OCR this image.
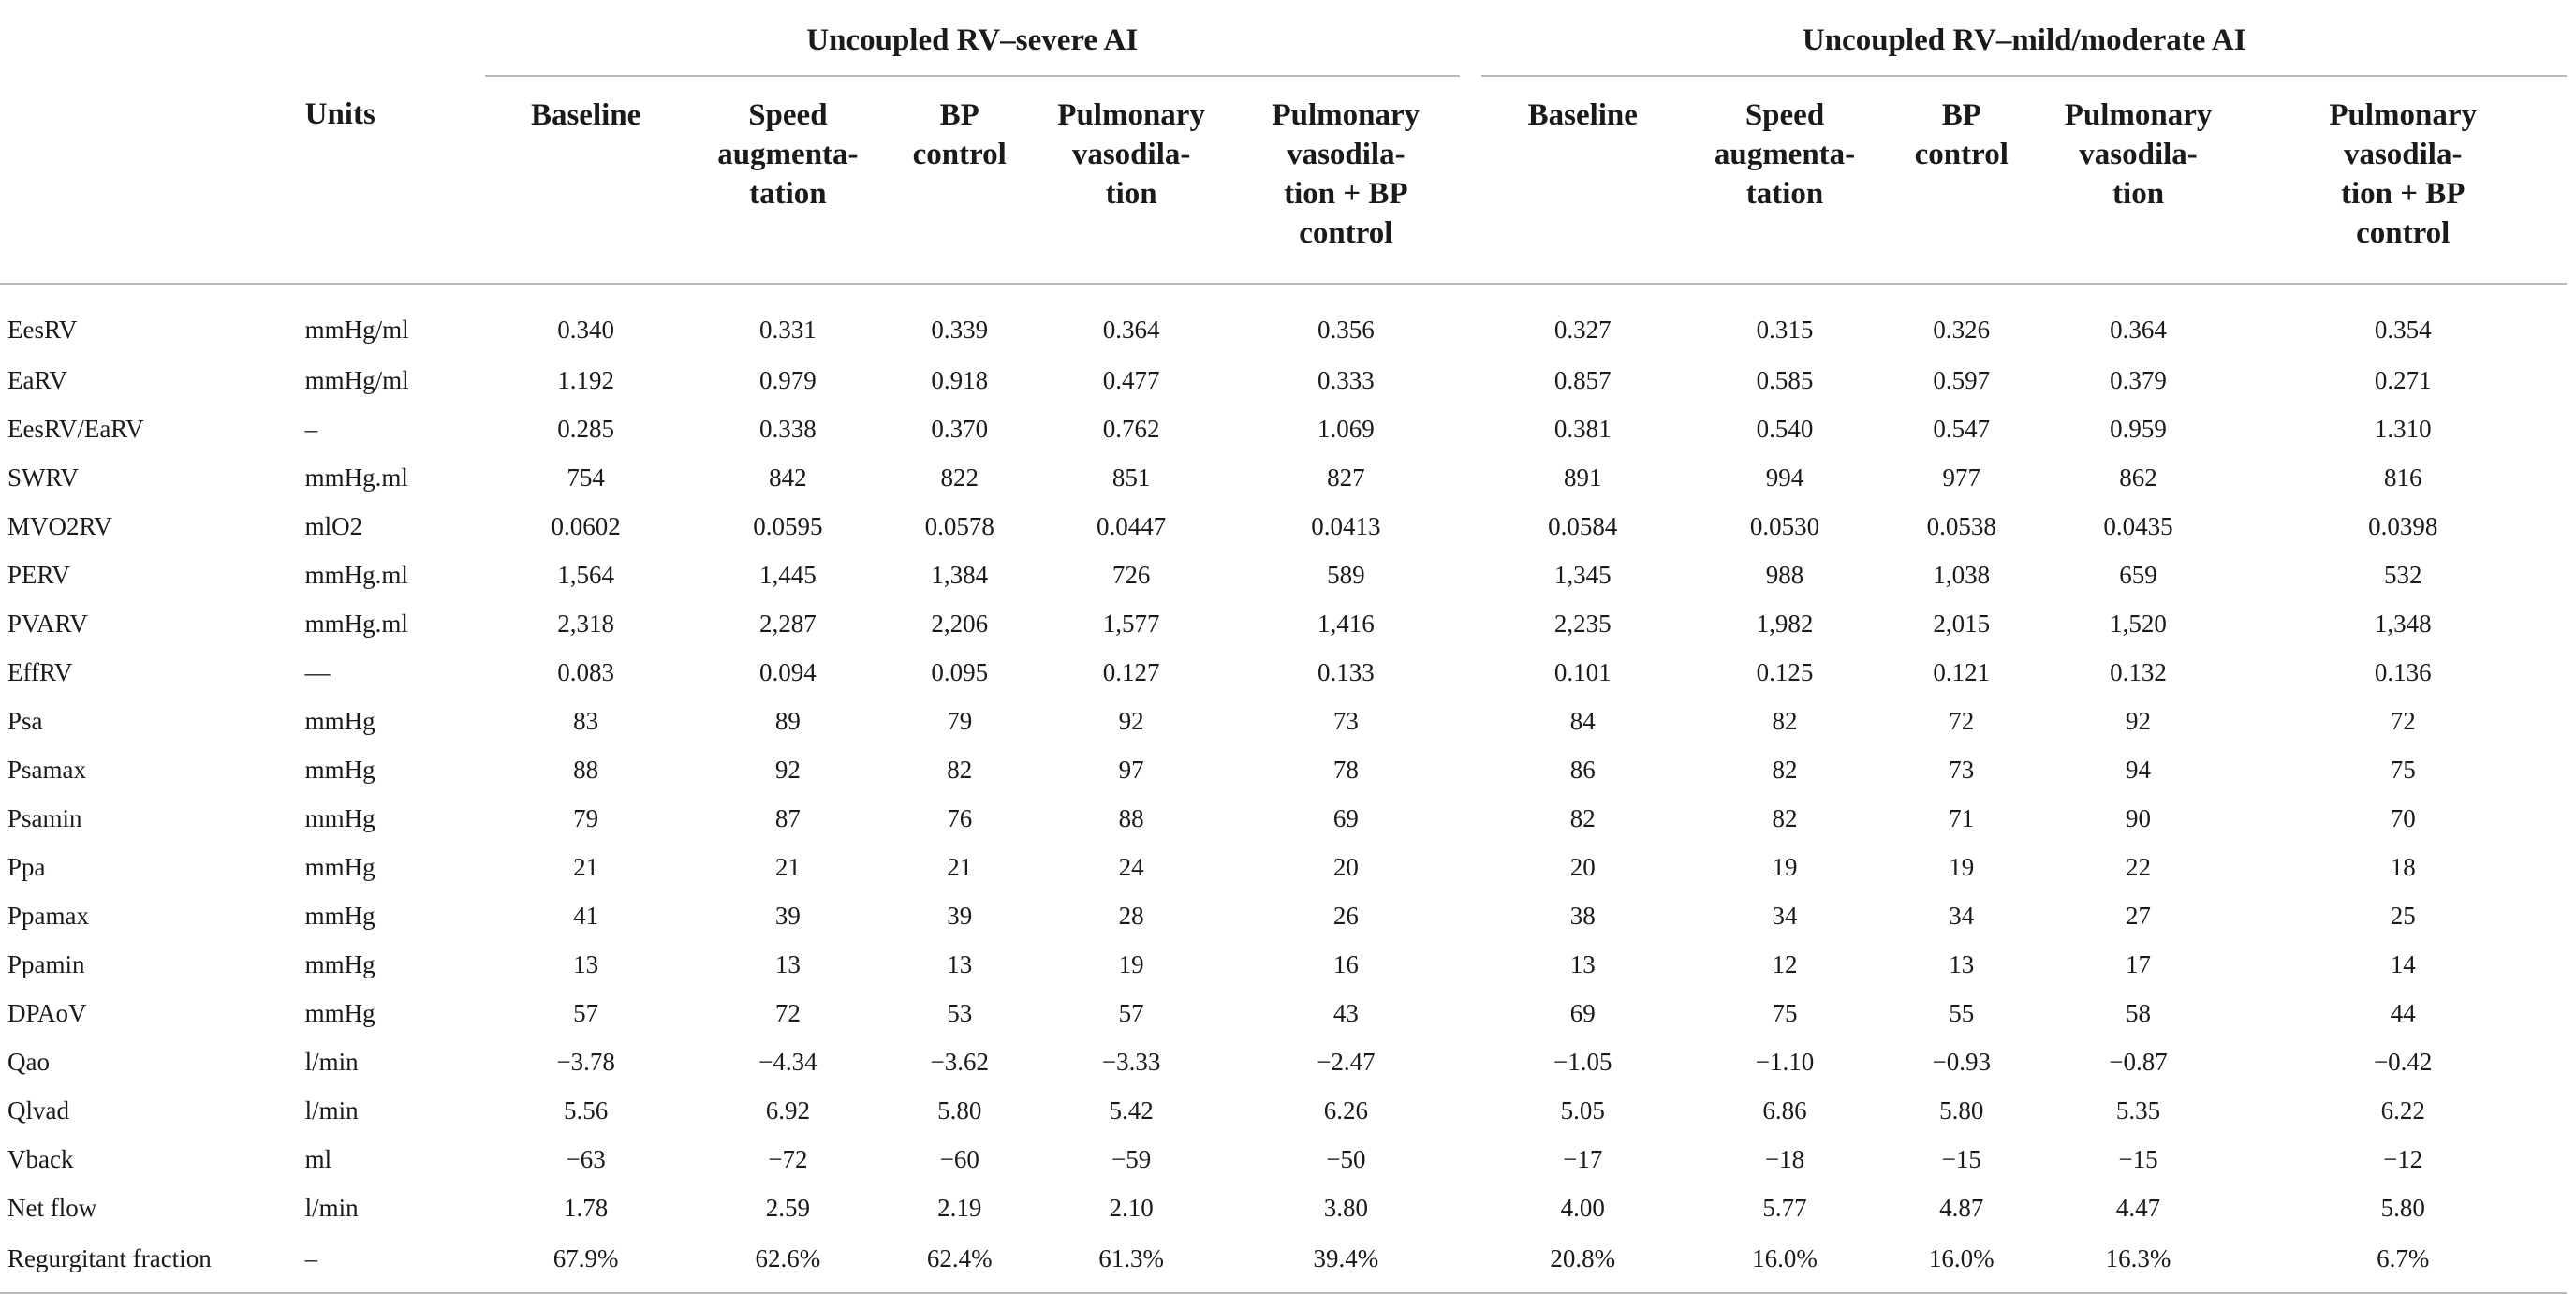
		Uncoupled RV–severe AI						Uncoupled RV–mild/moderate AI				
	Units	Baseline	Speed
augmenta-
tation	BP
control	Pulmonary
vasodila-
tion	Pulmonary
vasodila-
tion + BP
control		Baseline	Speed
augmenta-
tation	BP
control	Pulmonary
vasodila-
tion	Pulmonary
vasodila-
tion + BP
control
EesRV	mmHg/ml	0.340	0.331	0.339	0.364	0.356		0.327	0.315	0.326	0.364	0.354
EaRV	mmHg/ml	1.192	0.979	0.918	0.477	0.333		0.857	0.585	0.597	0.379	0.271
EesRV/EaRV	–	0.285	0.338	0.370	0.762	1.069		0.381	0.540	0.547	0.959	1.310
SWRV	mmHg.ml	754	842	822	851	827		891	994	977	862	816
MVO2RV	mlO2	0.0602	0.0595	0.0578	0.0447	0.0413		0.0584	0.0530	0.0538	0.0435	0.0398
PERV	mmHg.ml	1,564	1,445	1,384	726	589		1,345	988	1,038	659	532
PVARV	mmHg.ml	2,318	2,287	2,206	1,577	1,416		2,235	1,982	2,015	1,520	1,348
EffRV	—	0.083	0.094	0.095	0.127	0.133		0.101	0.125	0.121	0.132	0.136
Psa	mmHg	83	89	79	92	73		84	82	72	92	72
Psamax	mmHg	88	92	82	97	78		86	82	73	94	75
Psamin	mmHg	79	87	76	88	69		82	82	71	90	70
Ppa	mmHg	21	21	21	24	20		20	19	19	22	18
Ppamax	mmHg	41	39	39	28	26		38	34	34	27	25
Ppamin	mmHg	13	13	13	19	16		13	12	13	17	14
DPAoV	mmHg	57	72	53	57	43		69	75	55	58	44
Qao	l/min	−3.78	−4.34	−3.62	−3.33	−2.47		−1.05	−1.10	−0.93	−0.87	−0.42
Qlvad	l/min	5.56	6.92	5.80	5.42	6.26		5.05	6.86	5.80	5.35	6.22
Vback	ml	−63	−72	−60	−59	−50		−17	−18	−15	−15	−12
Net flow	l/min	1.78	2.59	2.19	2.10	3.80		4.00	5.77	4.87	4.47	5.80
Regurgitant fraction	–	67.9%	62.6%	62.4%	61.3%	39.4%		20.8%	16.0%	16.0%	16.3%	6.7%
